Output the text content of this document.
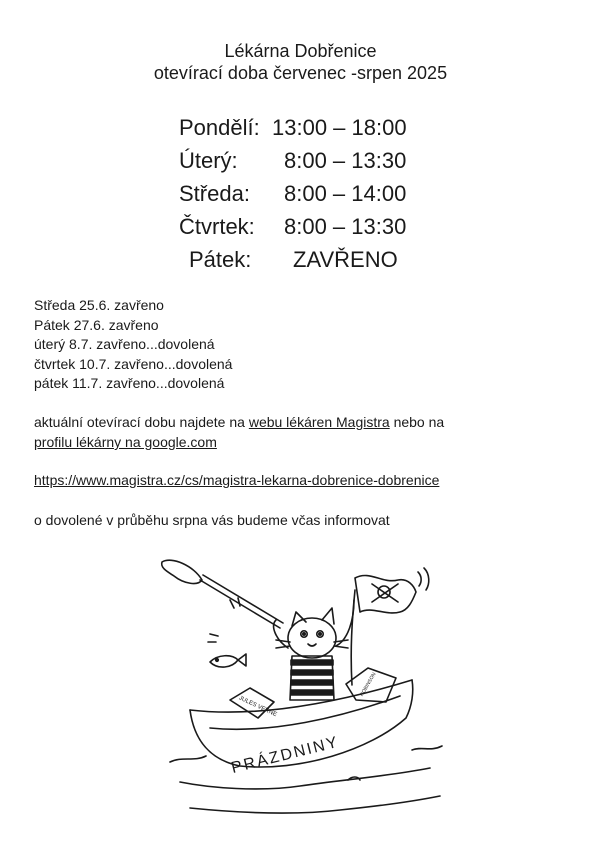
Lékárna Dobřenice
otevírací doba červenec -srpen 2025
Pondělí: 13:00 – 18:00
Úterý: 8:00 – 13:30
Středa: 8:00 – 14:00
Čtvrtek: 8:00 – 13:30
Pátek: ZAVŘENO
Středa 25.6. zavřeno
Pátek 27.6. zavřeno
úterý 8.7. zavřeno...dovolená
čtvrtek 10.7. zavřeno...dovolená
pátek 11.7. zavřeno...dovolená
aktuální otevírací dobu najdete na webu lékáren Magistra nebo na
profilu lékárny na google.com
https://www.magistra.cz/cs/magistra-lekarna-dobrenice-dobrenice
o dovolené v průběhu srpna vás budeme včas informovat
JULES VERNE
ROBINSON
PRÁZDNINY
